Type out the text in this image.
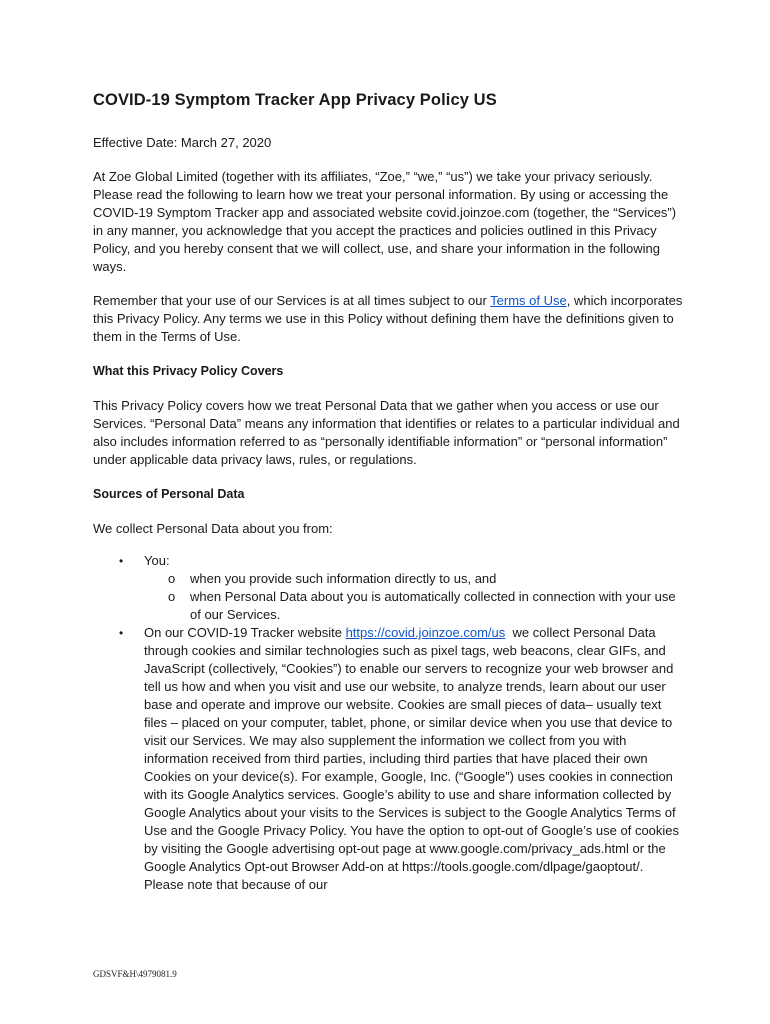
COVID-19 Symptom Tracker App Privacy Policy US

Effective Date: March 27, 2020

At Zoe Global Limited (together with its affiliates, “Zoe,” “we,” “us”) we take your privacy seriously. Please read the following to learn how we treat your personal information. By using or accessing the COVID-19 Symptom Tracker app and associated website covid.joinzoe.com (together, the “Services”) in any manner, you acknowledge that you accept the practices and policies outlined in this Privacy Policy, and you hereby consent that we will collect, use, and share your information in the following ways.

Remember that your use of our Services is at all times subject to our Terms of Use, which incorporates this Privacy Policy. Any terms we use in this Policy without defining them have the definitions given to them in the Terms of Use.

What this Privacy Policy Covers

This Privacy Policy covers how we treat Personal Data that we gather when you access or use our Services. “Personal Data” means any information that identifies or relates to a particular individual and also includes information referred to as “personally identifiable information” or “personal information” under applicable data privacy laws, rules, or regulations.

Sources of Personal Data

We collect Personal Data about you from:

• You:
o when you provide such information directly to us, and
o when Personal Data about you is automatically collected in connection with your use of our Services.
• On our COVID-19 Tracker website https://covid.joinzoe.com/us  we collect Personal Data through cookies and similar technologies such as pixel tags, web beacons, clear GIFs, and JavaScript (collectively, “Cookies”) to enable our servers to recognize your web browser and tell us how and when you visit and use our website, to analyze trends, learn about our user base and operate and improve our website. Cookies are small pieces of data– usually text files – placed on your computer, tablet, phone, or similar device when you use that device to visit our Services. We may also supplement the information we collect from you with information received from third parties, including third parties that have placed their own Cookies on your device(s). For example, Google, Inc. (“Google”) uses cookies in connection with its Google Analytics services. Google’s ability to use and share information collected by Google Analytics about your visits to the Services is subject to the Google Analytics Terms of Use and the Google Privacy Policy. You have the option to opt-out of Google’s use of cookies by visiting the Google advertising opt-out page at www.google.com/privacy_ads.html or the Google Analytics Opt-out Browser Add-on at https://tools.google.com/dlpage/gaoptout/. Please note that because of our
GDSVF&H\4979081.9
